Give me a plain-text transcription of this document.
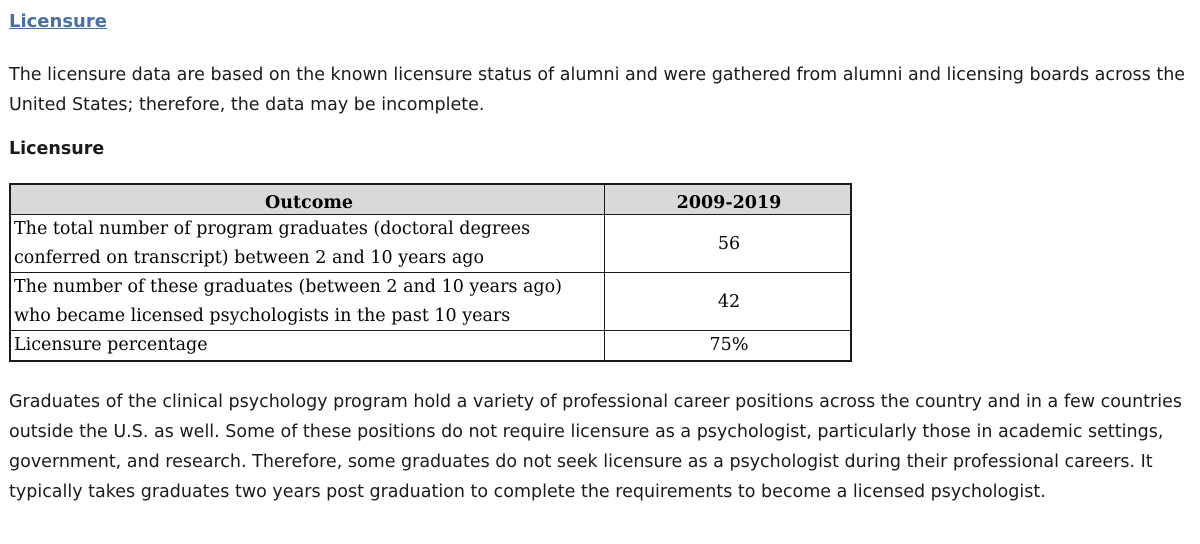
Licensure

The licensure data are based on the known licensure status of alumni and were gathered from alumni and licensing boards across the United States; therefore, the data may be incomplete.

Licensure
Outcome	2009-2019
The total number of program graduates (doctoral degrees conferred on transcript) between 2 and 10 years ago	56
The number of these graduates (between 2 and 10 years ago) who became licensed psychologists in the past 10 years	42
Licensure percentage	75%

Graduates of the clinical psychology program hold a variety of professional career positions across the country and in a few countries outside the U.S. as well. Some of these positions do not require licensure as a psychologist, particularly those in academic settings, government, and research. Therefore, some graduates do not seek licensure as a psychologist during their professional careers. It typically takes graduates two years post graduation to complete the requirements to become a licensed psychologist.
